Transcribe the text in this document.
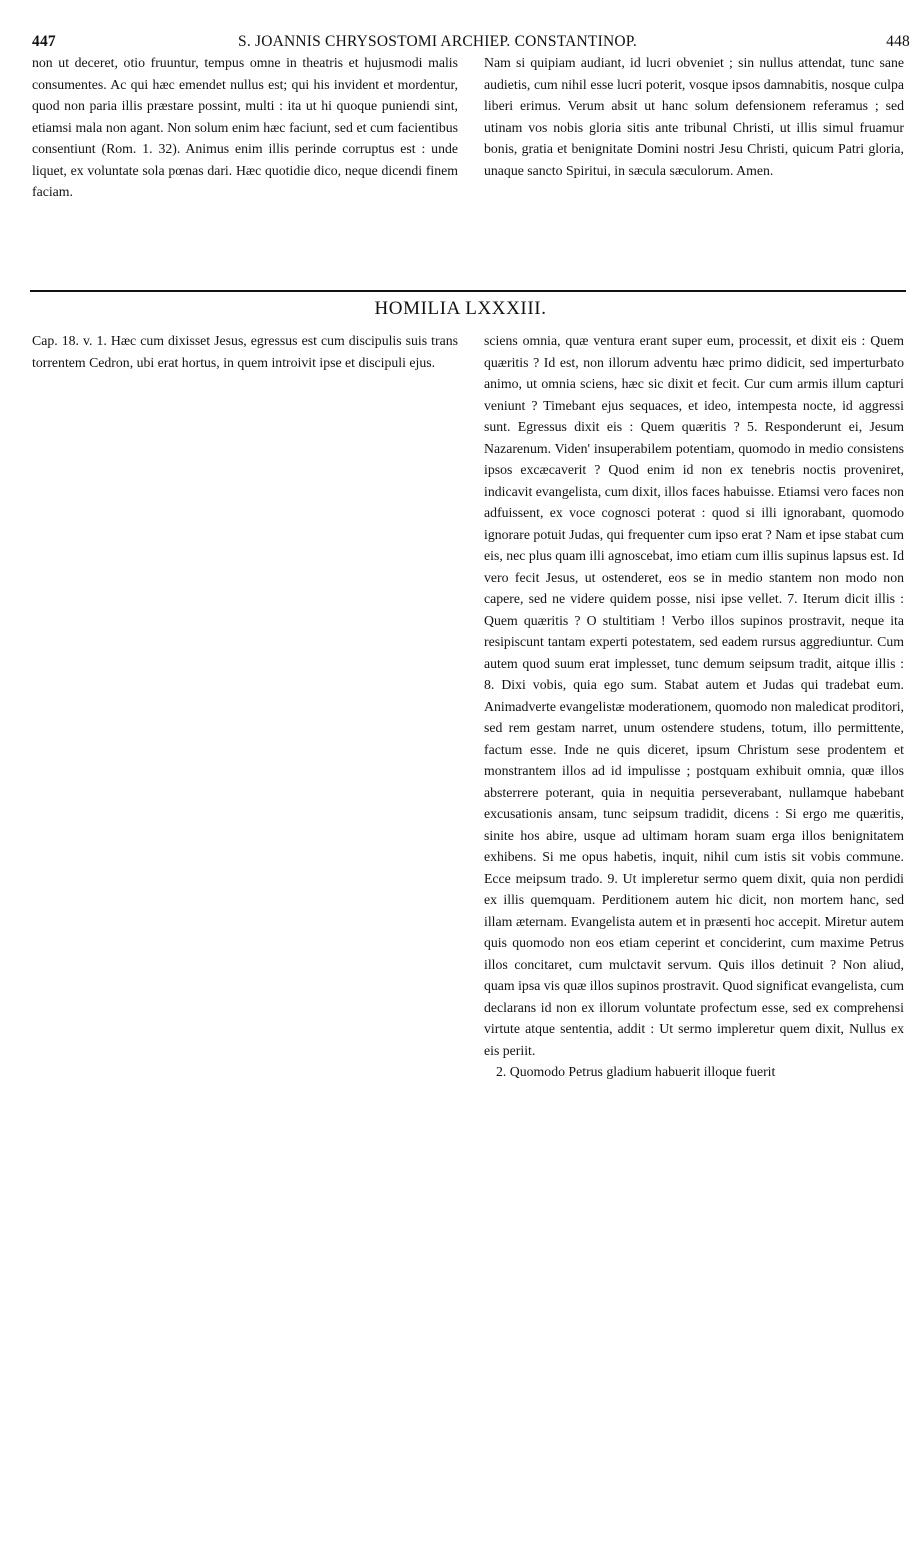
447	S. JOANNIS CHRYSOSTOMI ARCHIEP. CONSTANTINOP.	448

non ut deceret, otio fruuntur, tempus omne in theatris et hujusmodi malis consumentes. Ac qui hæc emendet nullus est; qui his invident et mordentur, quod non paria illis præstare possint, multi : ita ut hi quoque puniendi sint, etiamsi mala non agant. Non solum enim hæc faciunt, sed et cum facientibus consentiunt (Rom. 1. 32). Animus enim illis perinde corruptus est : unde liquet, ex voluntate sola pœnas dari. Hæc quotidie dico, neque dicendi finem faciam.

Nam si quipiam audiant, id lucri obveniet ; sin nullus attendat, tunc sane audietis, cum nihil esse lucri poterit, vosque ipsos damnabitis, nosque culpa liberi erimus. Verum absit ut hanc solum defensionem referamus ; sed utinam vos nobis gloria sitis ante tribunal Christi, ut illis simul fruamur bonis, gratia et benignitate Domini nostri Jesu Christi, quicum Patri gloria, unaque sancto Spiritui, in sæcula sæculorum. Amen.

HOMILIA LXXXIII.

Cap. 18. v. 1. Hæc cum dixisset Jesus, egressus est cum discipulis suis trans torrentem Cedron, ubi erat hortus, in quem introivit ipse et discipuli ejus.

sciens omnia, quæ ventura erant super eum, processit, et dixit eis : Quem quæritis ? Id est, non illorum adventu hæc primo didicit, sed imperturbato animo, ut omnia sciens, hæc sic dixit et fecit. Cur cum armis illum capturi veniunt ? Timebant ejus sequaces, et ideo, intempesta nocte, id aggressi sunt. Egressus dixit eis : Quem quæritis ? 5. Responderunt ei, Jesum Nazarenum. Viden' insuperabilem potentiam, quomodo in medio consistens ipsos excæcaverit ? Quod enim id non ex tenebris noctis proveniret, indicavit evangelista, cum dixit, illos faces habuisse. Etiamsi vero faces non adfuissent, ex voce cognosci poterat : quod si illi ignorabant, quomodo ignorare potuit Judas, qui frequenter cum ipso erat ? Nam et ipse stabat cum eis, nec plus quam illi agnoscebat, imo etiam cum illis supinus lapsus est. Id vero fecit Jesus, ut ostenderet, eos se in medio stantem non modo non capere, sed ne videre quidem posse, nisi ipse vellet. 7. Iterum dicit illis : Quem quæritis ? O stultitiam ! Verbo illos supinos prostravit, neque ita resipiscunt tantam experti potestatem, sed eadem rursus aggrediuntur. Cum autem quod suum erat implesset, tunc demum seipsum tradit, aitque illis : 8. Dixi vobis, quia ego sum. Stabat autem et Judas qui tradebat eum. Animadverte evangelistæ moderationem, quomodo non maledicat proditori, sed rem gestam narret, unum ostendere studens, totum, illo permittente, factum esse. Inde ne quis diceret, ipsum Christum sese prodentem et monstrantem illos ad id impulisse ; postquam exhibuit omnia, quæ illos absterrere poterant, quia in nequitia perseverabant, nullamque habebant excusationis ansam, tunc seipsum tradidit, dicens : Si ergo me quæritis, sinite hos abire, usque ad ultimam horam suam erga illos benignitatem exhibens. Si me opus habetis, inquit, nihil cum istis sit vobis commune. Ecce meipsum trado. 9. Ut impleretur sermo quem dixit, quia non perdidi ex illis quemquam. Perditionem autem hic dicit, non mortem hanc, sed illam æternam. Evangelista autem et in præsenti hoc accepit. Miretur autem quis quomodo non eos etiam ceperint et conciderint, cum maxime Petrus illos concitaret, cum mulctavit servum. Quis illos detinuit ? Non aliud, quam ipsa vis quæ illos supinos prostravit. Quod significat evangelista, cum declarans id non ex illorum voluntate profectum esse, sed ex comprehensi virtute atque sententia, addit : Ut sermo impleretur quem dixit, Nullus ex eis periit.

2. Quomodo Petrus gladium habuerit illoque fuerit
